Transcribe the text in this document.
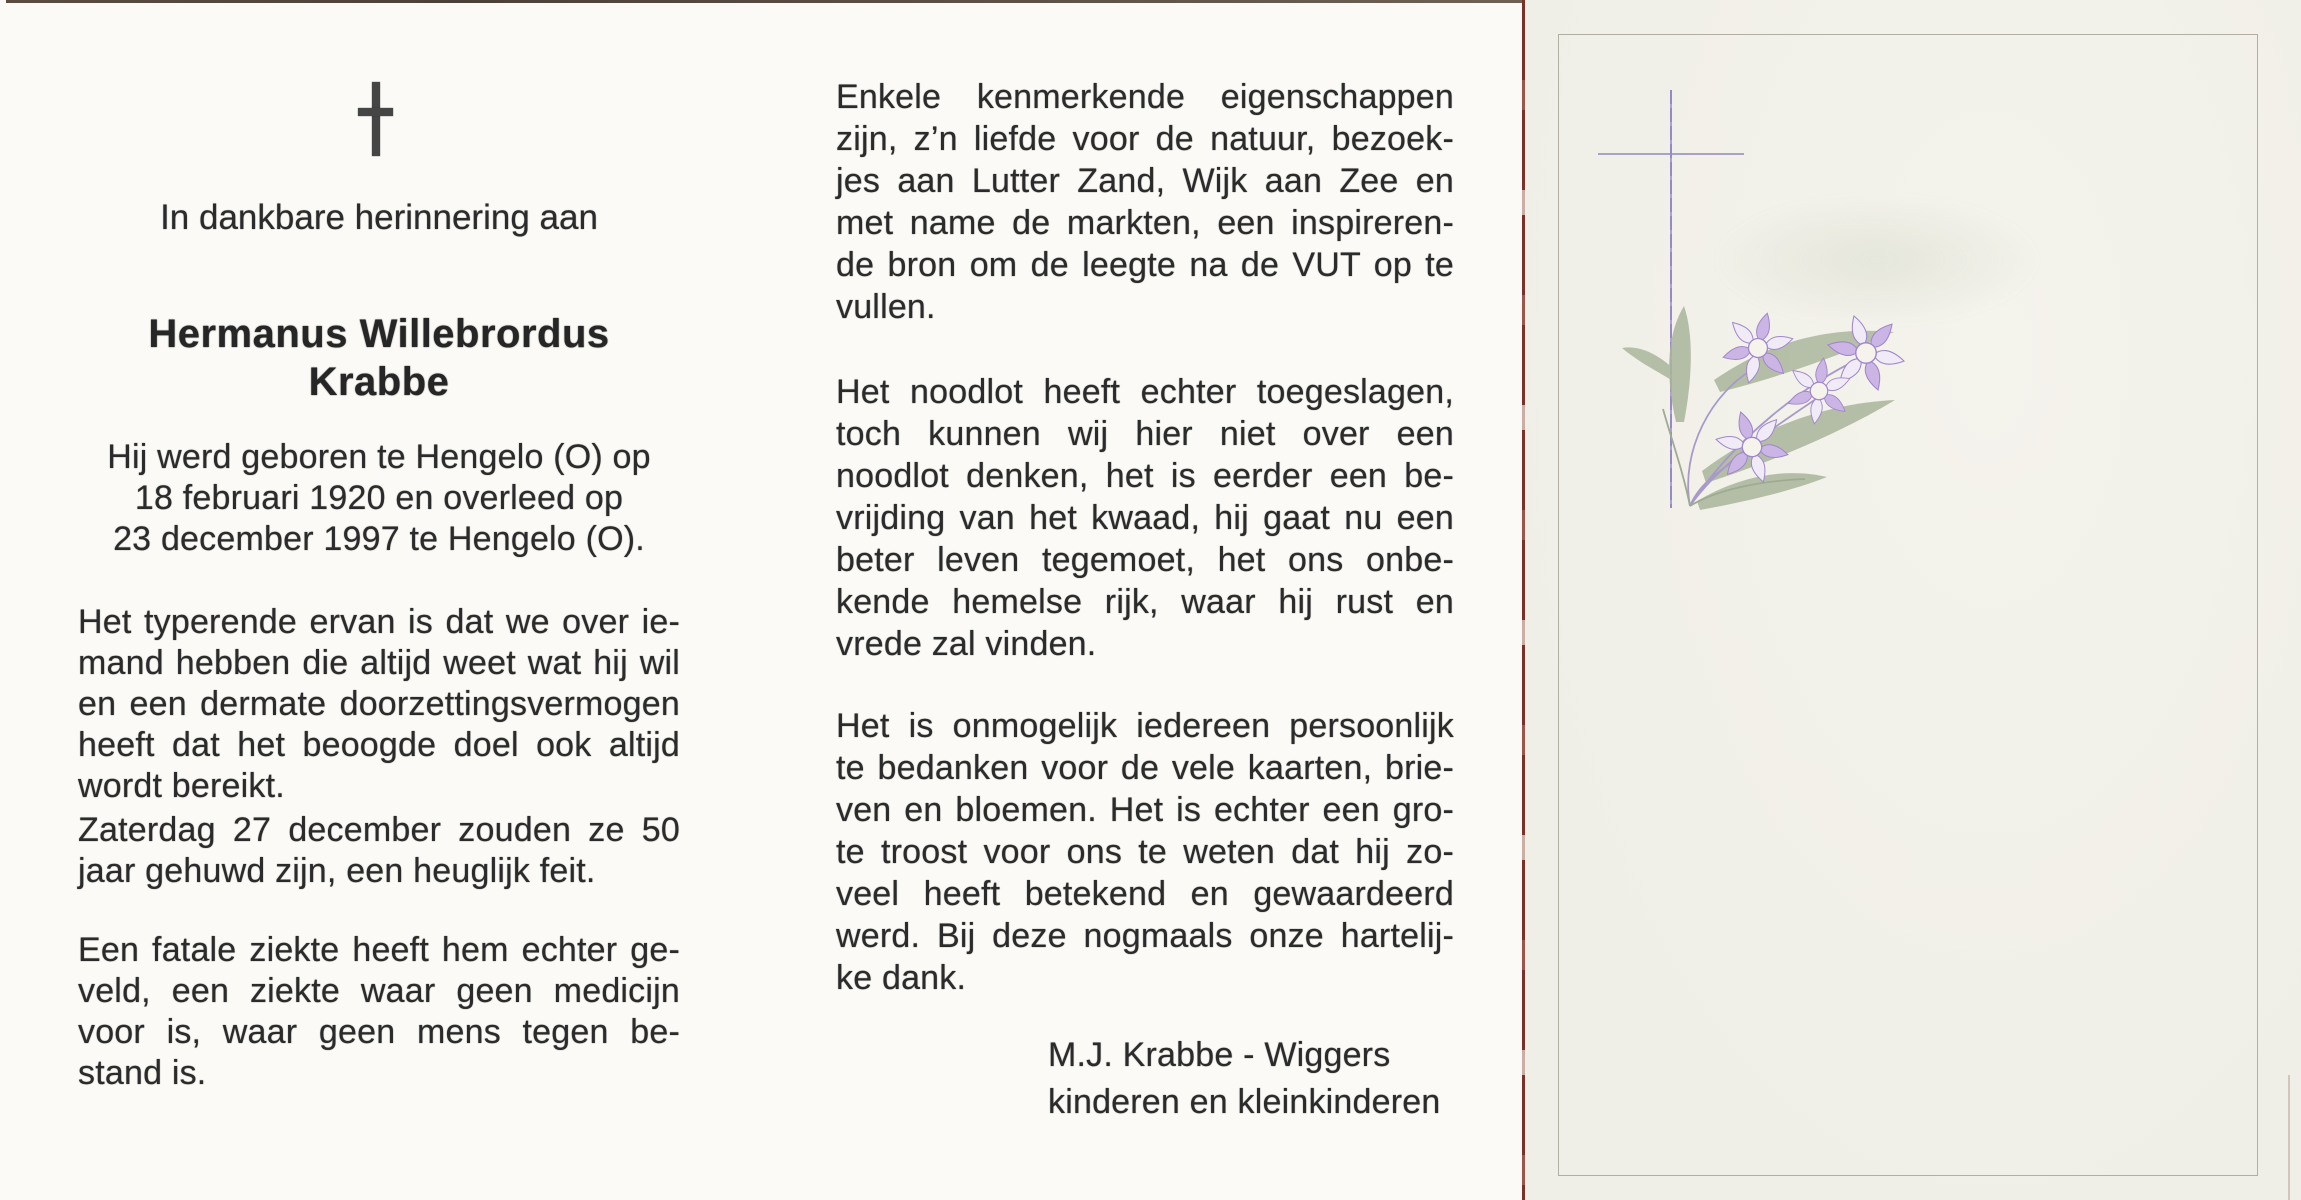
In dankbare herinnering aan
Hermanus Willebrordus Krabbe
Hij werd geboren te Hengelo (O) op
18 februari 1920 en overleed op
23 december 1997 te Hengelo (O).
Het typerende ervan is dat we over ie-
mand hebben die altijd weet wat hij wil
en een dermate doorzettingsvermogen
heeft dat het beoogde doel ook altijd
wordt bereikt.
Zaterdag 27 december zouden ze 50
jaar gehuwd zijn, een heuglijk feit.
Een fatale ziekte heeft hem echter ge-
veld, een ziekte waar geen medicijn
voor is, waar geen mens tegen be-
stand is.
Enkele kenmerkende eigenschappen
zijn, z’n liefde voor de natuur, bezoek-
jes aan Lutter Zand, Wijk aan Zee en
met name de markten, een inspireren-
de bron om de leegte na de VUT op te
vullen.
Het noodlot heeft echter toegeslagen,
toch kunnen wij hier niet over een
noodlot denken, het is eerder een be-
vrijding van het kwaad, hij gaat nu een
beter leven tegemoet, het ons onbe-
kende hemelse rijk, waar hij rust en
vrede zal vinden.
Het is onmogelijk iedereen persoonlijk
te bedanken voor de vele kaarten, brie-
ven en bloemen. Het is echter een gro-
te troost voor ons te weten dat hij zo-
veel heeft betekend en gewaardeerd
werd. Bij deze nogmaals onze hartelij-
ke dank.
M.J. Krabbe - Wiggers
kinderen en kleinkinderen
